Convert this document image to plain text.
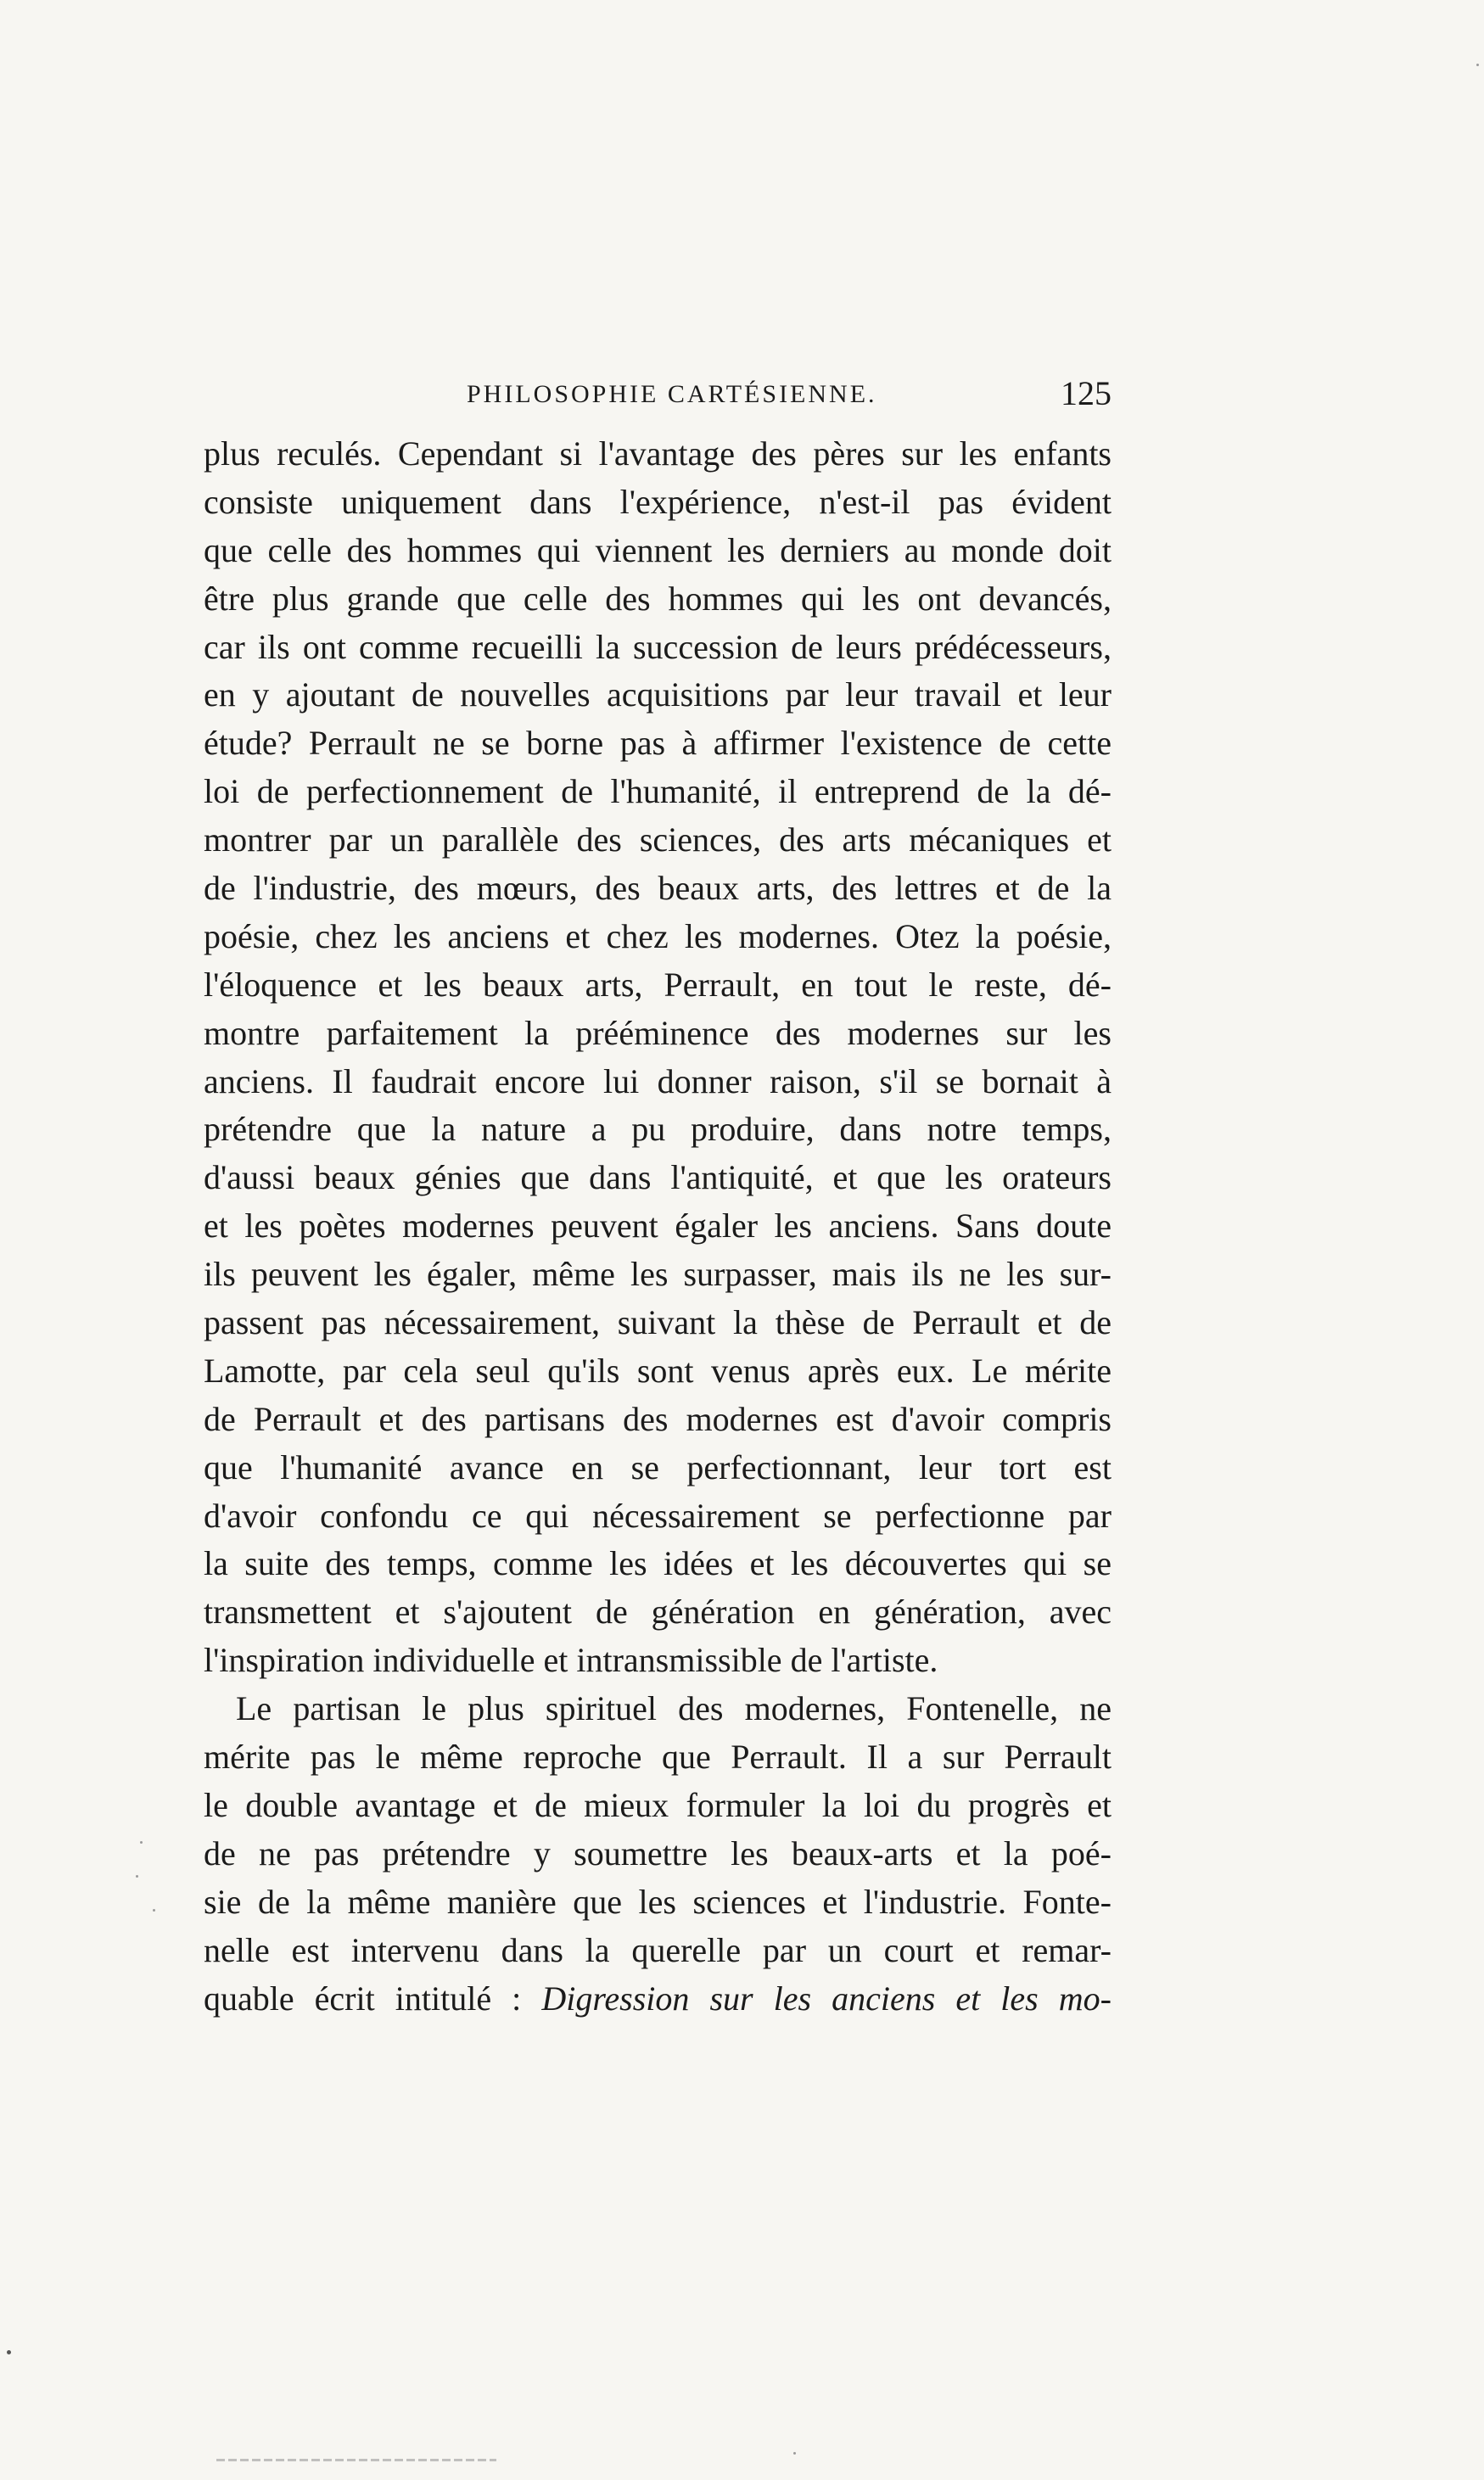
PHILOSOPHIE CARTÉSIENNE.	125
plus reculés. Cependant si l'avantage des pères sur les enfants
consiste uniquement dans l'expérience, n'est-il pas évident
que celle des hommes qui viennent les derniers au monde doit
être plus grande que celle des hommes qui les ont devancés,
car ils ont comme recueilli la succession de leurs prédécesseurs,
en y ajoutant de nouvelles acquisitions par leur travail et leur
étude? Perrault ne se borne pas à affirmer l'existence de cette
loi de perfectionnement de l'humanité, il entreprend de la dé-
montrer par un parallèle des sciences, des arts mécaniques et
de l'industrie, des mœurs, des beaux arts, des lettres et de la
poésie, chez les anciens et chez les modernes. Otez la poésie,
l'éloquence et les beaux arts, Perrault, en tout le reste, dé-
montre parfaitement la prééminence des modernes sur les
anciens. Il faudrait encore lui donner raison, s'il se bornait à
prétendre que la nature a pu produire, dans notre temps,
d'aussi beaux génies que dans l'antiquité, et que les orateurs
et les poètes modernes peuvent égaler les anciens. Sans doute
ils peuvent les égaler, même les surpasser, mais ils ne les sur-
passent pas nécessairement, suivant la thèse de Perrault et de
Lamotte, par cela seul qu'ils sont venus après eux. Le mérite
de Perrault et des partisans des modernes est d'avoir compris
que l'humanité avance en se perfectionnant, leur tort est
d'avoir confondu ce qui nécessairement se perfectionne par
la suite des temps, comme les idées et les découvertes qui se
transmettent et s'ajoutent de génération en génération, avec
l'inspiration individuelle et intransmissible de l'artiste.
Le partisan le plus spirituel des modernes, Fontenelle, ne
mérite pas le même reproche que Perrault. Il a sur Perrault
le double avantage et de mieux formuler la loi du progrès et
de ne pas prétendre y soumettre les beaux-arts et la poé-
sie de la même manière que les sciences et l'industrie. Fonte-
nelle est intervenu dans la querelle par un court et remar-
quable écrit intitulé : Digression sur les anciens et les mo-
